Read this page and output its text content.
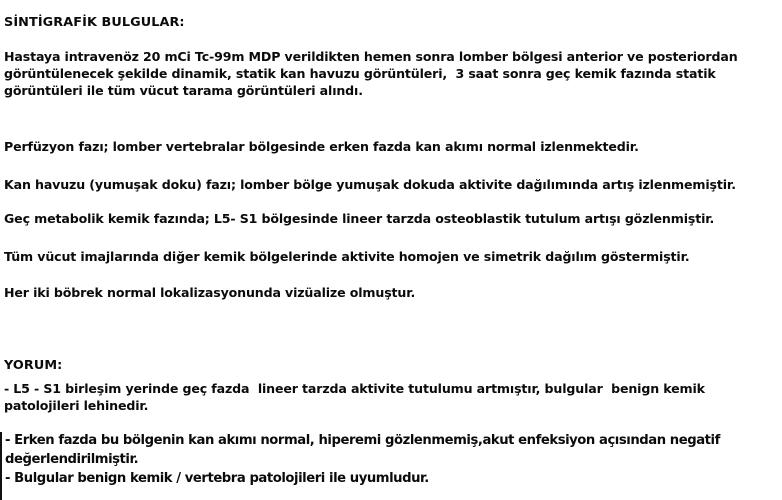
SİNTİGRAFİK BULGULAR:
Hastaya intravenöz 20 mCi Tc-99m MDP verildikten hemen sonra lomber bölgesi anterior ve posteriordan görüntülenecek şekilde dinamik, statik kan havuzu görüntüleri,  3 saat sonra geç kemik fazında statik görüntüleri ile tüm vücut tarama görüntüleri alındı.
Perfüzyon fazı; lomber vertebralar bölgesinde erken fazda kan akımı normal izlenmektedir.
Kan havuzu (yumuşak doku) fazı; lomber bölge yumuşak dokuda aktivite dağılımında artış izlenmemiştir.
Geç metabolik kemik fazında; L5- S1 bölgesinde lineer tarzda osteoblastik tutulum artışı gözlenmiştir.
Tüm vücut imajlarında diğer kemik bölgelerinde aktivite homojen ve simetrik dağılım göstermiştir.
Her iki böbrek normal lokalizasyonunda vizüalize olmuştur.
YORUM:
- L5 - S1 birleşim yerinde geç fazda  lineer tarzda aktivite tutulumu artmıştır, bulgular  benign kemik patolojileri lehinedir.
- Erken fazda bu bölgenin kan akımı normal, hiperemi gözlenmemiş,akut enfeksiyon açısından negatif değerlendirilmiştir.
- Bulgular benign kemik / vertebra patolojileri ile uyumludur.
